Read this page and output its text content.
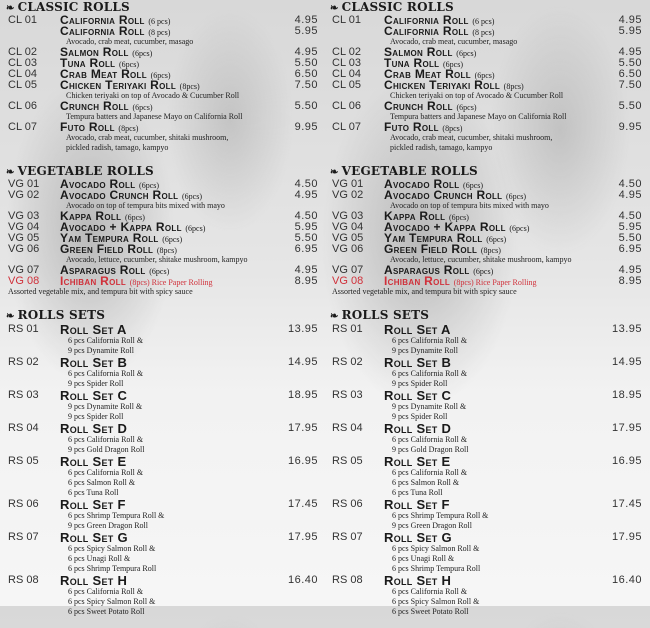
❧ CLASSIC ROLLS
CL 01 California Roll (6 pcs)	4.95
California Roll (8 pcs)	5.95
Avocado, crab meat, cucumber, masago
CL 02 Salmon Roll (6pcs)	4.95
CL 03 Tuna Roll (6pcs)	5.50
CL 04 Crab Meat Roll (6pcs)	6.50
CL 05 Chicken Teriyaki Roll (8pcs)	7.50
Chicken teriyaki on top of Avocado & Cucumber Roll
CL 06 Crunch Roll (6pcs)	5.50
Tempura batters and Japanese Mayo on California Roll
CL 07 Futo Roll (8pcs)	9.95
Avocado, crab meat, cucumber, shitaki mushroom,
pickled radish, tamago, kampyo
❧ VEGETABLE ROLLS
VG 01 Avocado Roll (6pcs)	4.50
VG 02 Avocado Crunch Roll (6pcs)	4.95
Avocado on top of tempura bits mixed with mayo
VG 03 Kappa Roll (6pcs)	4.50
VG 04 Avocado + Kappa Roll (6pcs)	5.95
VG 05 Yam Tempura Roll (6pcs)	5.50
VG 06 Green Field Roll (8pcs)	6.95
Avocado, lettuce, cucumber, shitake mushroom, kampyo
VG 07 Asparagus Roll (6pcs)	4.95
VG 08 Ichiban Roll (8pcs) Rice Paper Rolling	8.95
Assorted vegetable mix, and tempura bit with spicy sauce
❧ ROLLS SETS
RS 01 Roll Set A	13.95
6 pcs California Roll &
9 pcs Dynamite Roll
RS 02 Roll Set B	14.95
6 pcs California Roll &
9 pcs Spider Roll
RS 03 Roll Set C	18.95
9 pcs Dynamite Roll &
9 pcs Spider Roll
RS 04 Roll Set D	17.95
6 pcs California Roll &
9 pcs Gold Dragon Roll
RS 05 Roll Set E	16.95
6 pcs California Roll &
6 pcs Salmon Roll &
6 pcs Tuna Roll
RS 06 Roll Set F	17.45
6 pcs Shrimp Tempura Roll &
9 pcs Green Dragon Roll
RS 07 Roll Set G	17.95
6 pcs Spicy Salmon Roll &
6 pcs Unagi Roll &
6 pcs Shrimp Tempura Roll
RS 08 Roll Set H	16.40
6 pcs California Roll &
6 pcs Spicy Salmon Roll &
6 pcs Sweet Potato Roll
❧ CLASSIC ROLLS
CL 01 California Roll (6 pcs)	4.95
California Roll (8 pcs)	5.95
Avocado, crab meat, cucumber, masago
CL 02 Salmon Roll (6pcs)	4.95
CL 03 Tuna Roll (6pcs)	5.50
CL 04 Crab Meat Roll (6pcs)	6.50
CL 05 Chicken Teriyaki Roll (8pcs)	7.50
Chicken teriyaki on top of Avocado & Cucumber Roll
CL 06 Crunch Roll (6pcs)	5.50
Tempura batters and Japanese Mayo on California Roll
CL 07 Futo Roll (8pcs)	9.95
Avocado, crab meat, cucumber, shitaki mushroom,
pickled radish, tamago, kampyo
❧ VEGETABLE ROLLS
VG 01 Avocado Roll (6pcs)	4.50
VG 02 Avocado Crunch Roll (6pcs)	4.95
Avocado on top of tempura bits mixed with mayo
VG 03 Kappa Roll (6pcs)	4.50
VG 04 Avocado + Kappa Roll (6pcs)	5.95
VG 05 Yam Tempura Roll (6pcs)	5.50
VG 06 Green Field Roll (8pcs)	6.95
Avocado, lettuce, cucumber, shitake mushroom, kampyo
VG 07 Asparagus Roll (6pcs)	4.95
VG 08 Ichiban Roll (8pcs) Rice Paper Rolling	8.95
Assorted vegetable mix, and tempura bit with spicy sauce
❧ ROLLS SETS
RS 01 Roll Set A	13.95
6 pcs California Roll &
9 pcs Dynamite Roll
RS 02 Roll Set B	14.95
6 pcs California Roll &
9 pcs Spider Roll
RS 03 Roll Set C	18.95
9 pcs Dynamite Roll &
9 pcs Spider Roll
RS 04 Roll Set D	17.95
6 pcs California Roll &
9 pcs Gold Dragon Roll
RS 05 Roll Set E	16.95
6 pcs California Roll &
6 pcs Salmon Roll &
6 pcs Tuna Roll
RS 06 Roll Set F	17.45
6 pcs Shrimp Tempura Roll &
9 pcs Green Dragon Roll
RS 07 Roll Set G	17.95
6 pcs Spicy Salmon Roll &
6 pcs Unagi Roll &
6 pcs Shrimp Tempura Roll
RS 08 Roll Set H	16.40
6 pcs California Roll &
6 pcs Spicy Salmon Roll &
6 pcs Sweet Potato Roll
